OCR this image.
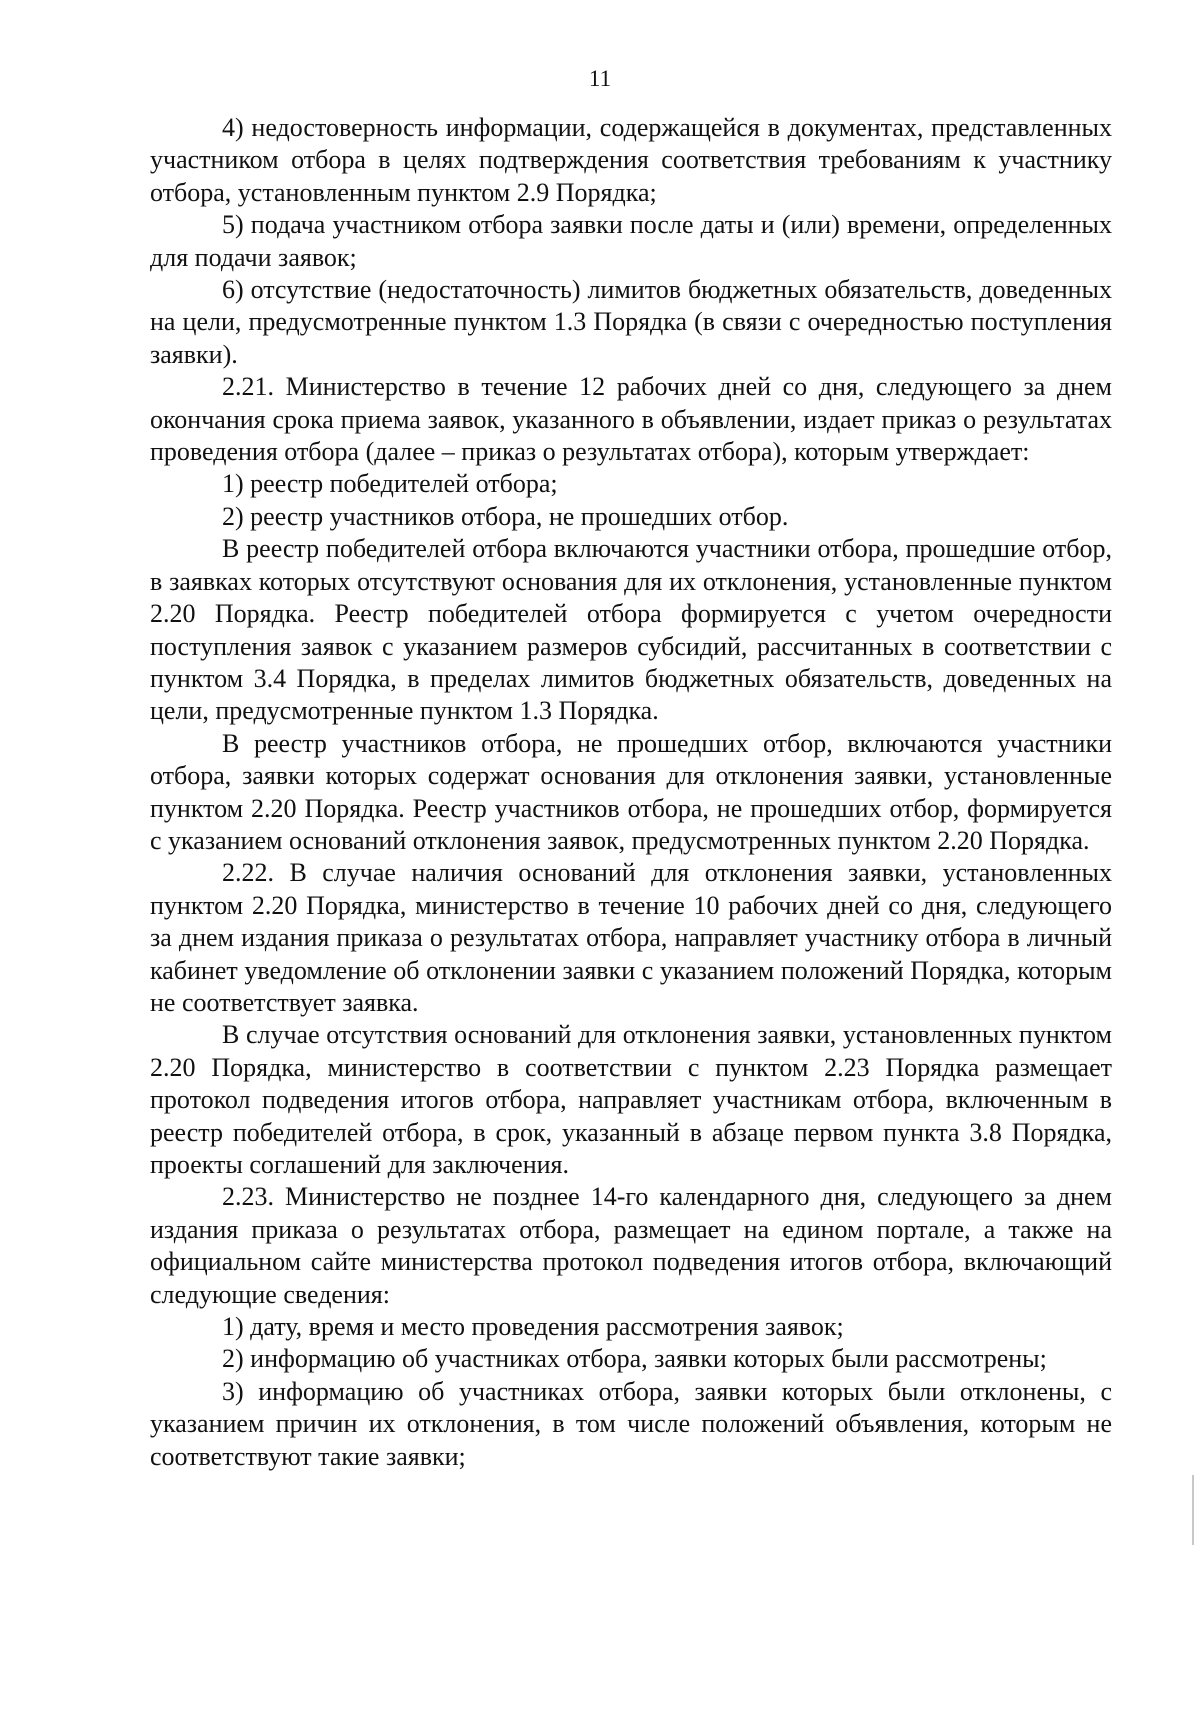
11

4) недостоверность информации, содержащейся в документах, представленных участником отбора в целях подтверждения соответствия требованиям к участнику отбора, установленным пунктом 2.9 Порядка;

5) подача участником отбора заявки после даты и (или) времени, определенных для подачи заявок;

6) отсутствие (недостаточность) лимитов бюджетных обязательств, доведенных на цели, предусмотренные пунктом 1.3 Порядка (в связи с очередностью поступления заявки).

2.21. Министерство в течение 12 рабочих дней со дня, следующего за днем окончания срока приема заявок, указанного в объявлении, издает приказ о результатах проведения отбора (далее – приказ о результатах отбора), которым утверждает:

1) реестр победителей отбора;

2) реестр участников отбора, не прошедших отбор.

В реестр победителей отбора включаются участники отбора, прошедшие отбор, в заявках которых отсутствуют основания для их отклонения, установленные пунктом 2.20 Порядка. Реестр победителей отбора формируется с учетом очередности поступления заявок с указанием размеров субсидий, рассчитанных в соответствии с пунктом 3.4 Порядка, в пределах лимитов бюджетных обязательств, доведенных на цели, предусмотренные пунктом 1.3 Порядка.

В реестр участников отбора, не прошедших отбор, включаются участники отбора, заявки которых содержат основания для отклонения заявки, установленные пунктом 2.20 Порядка. Реестр участников отбора, не прошедших отбор, формируется с указанием оснований отклонения заявок, предусмотренных пунктом 2.20 Порядка.

2.22. В случае наличия оснований для отклонения заявки, установленных пунктом 2.20 Порядка, министерство в течение 10 рабочих дней со дня, следующего за днем издания приказа о результатах отбора, направляет участнику отбора в личный кабинет уведомление об отклонении заявки с указанием положений Порядка, которым не соответствует заявка.

В случае отсутствия оснований для отклонения заявки, установленных пунктом 2.20 Порядка, министерство в соответствии с пунктом 2.23 Порядка размещает протокол подведения итогов отбора, направляет участникам отбора, включенным в реестр победителей отбора, в срок, указанный в абзаце первом пункта 3.8 Порядка, проекты соглашений для заключения.

2.23. Министерство не позднее 14-го календарного дня, следующего за днем издания приказа о результатах отбора, размещает на едином портале, а также на официальном сайте министерства протокол подведения итогов отбора, включающий следующие сведения:

1) дату, время и место проведения рассмотрения заявок;

2) информацию об участниках отбора, заявки которых были рассмотрены;

3) информацию об участниках отбора, заявки которых были отклонены, с указанием причин их отклонения, в том числе положений объявления, которым не соответствуют такие заявки;
